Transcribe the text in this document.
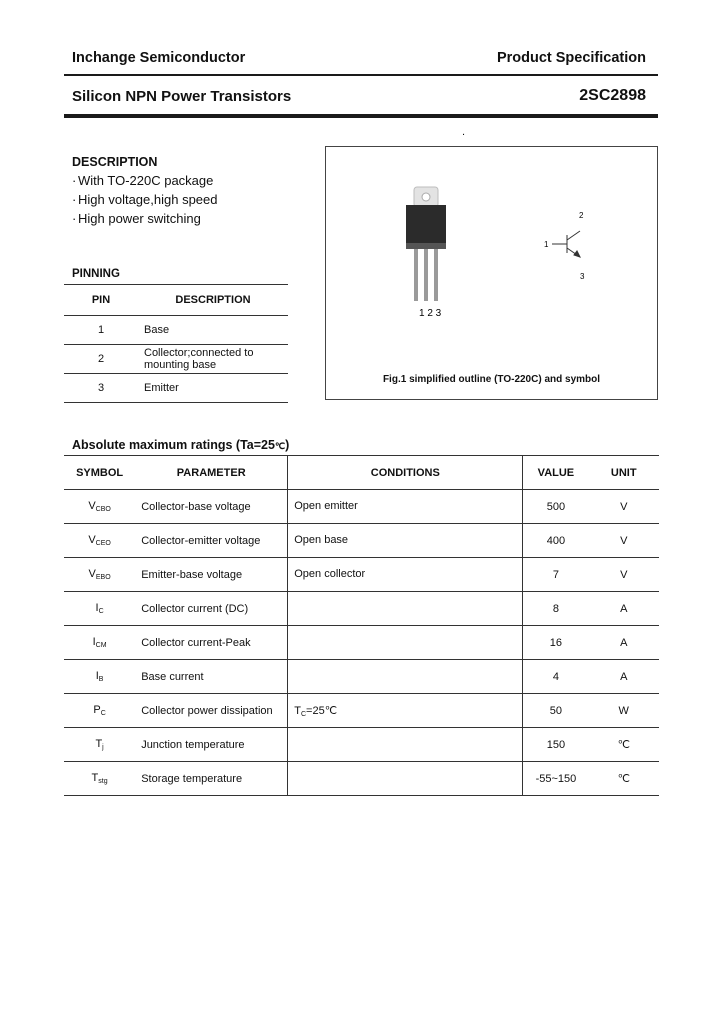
Inchange Semiconductor	Product Specification
Silicon NPN Power Transistors	2SC2898
DESCRIPTION
· With TO-220C package
· High voltage,high speed
· High power switching
PINNING
PIN	DESCRIPTION
1	Base

2	Collector;connected to
mounting base

3	Emitter
.
1 2 3
1
2
3
Fig.1 simplified outline (TO-220C) and symbol
Absolute maximum ratings (Ta=25℃)
SYMBOL	PARAMETER	CONDITIONS	VALUE	UNIT
$V_{CBO}$	Collector-base voltage	Open emitter	500	V
$V_{CEO}$	Collector-emitter voltage	Open base	400	V
$V_{EBO}$	Emitter-base voltage	Open collector	7	V
$I_C$	Collector current (DC)		8	A
$I_{CM}$	Collector current-Peak		16	A
$I_B$	Base current		4	A
$P_C$	Collector power dissipation	$T_C=25℃$	50	W
$T_j$	Junction temperature		150	℃
$T_{stg}$	Storage temperature		-55~150	℃
